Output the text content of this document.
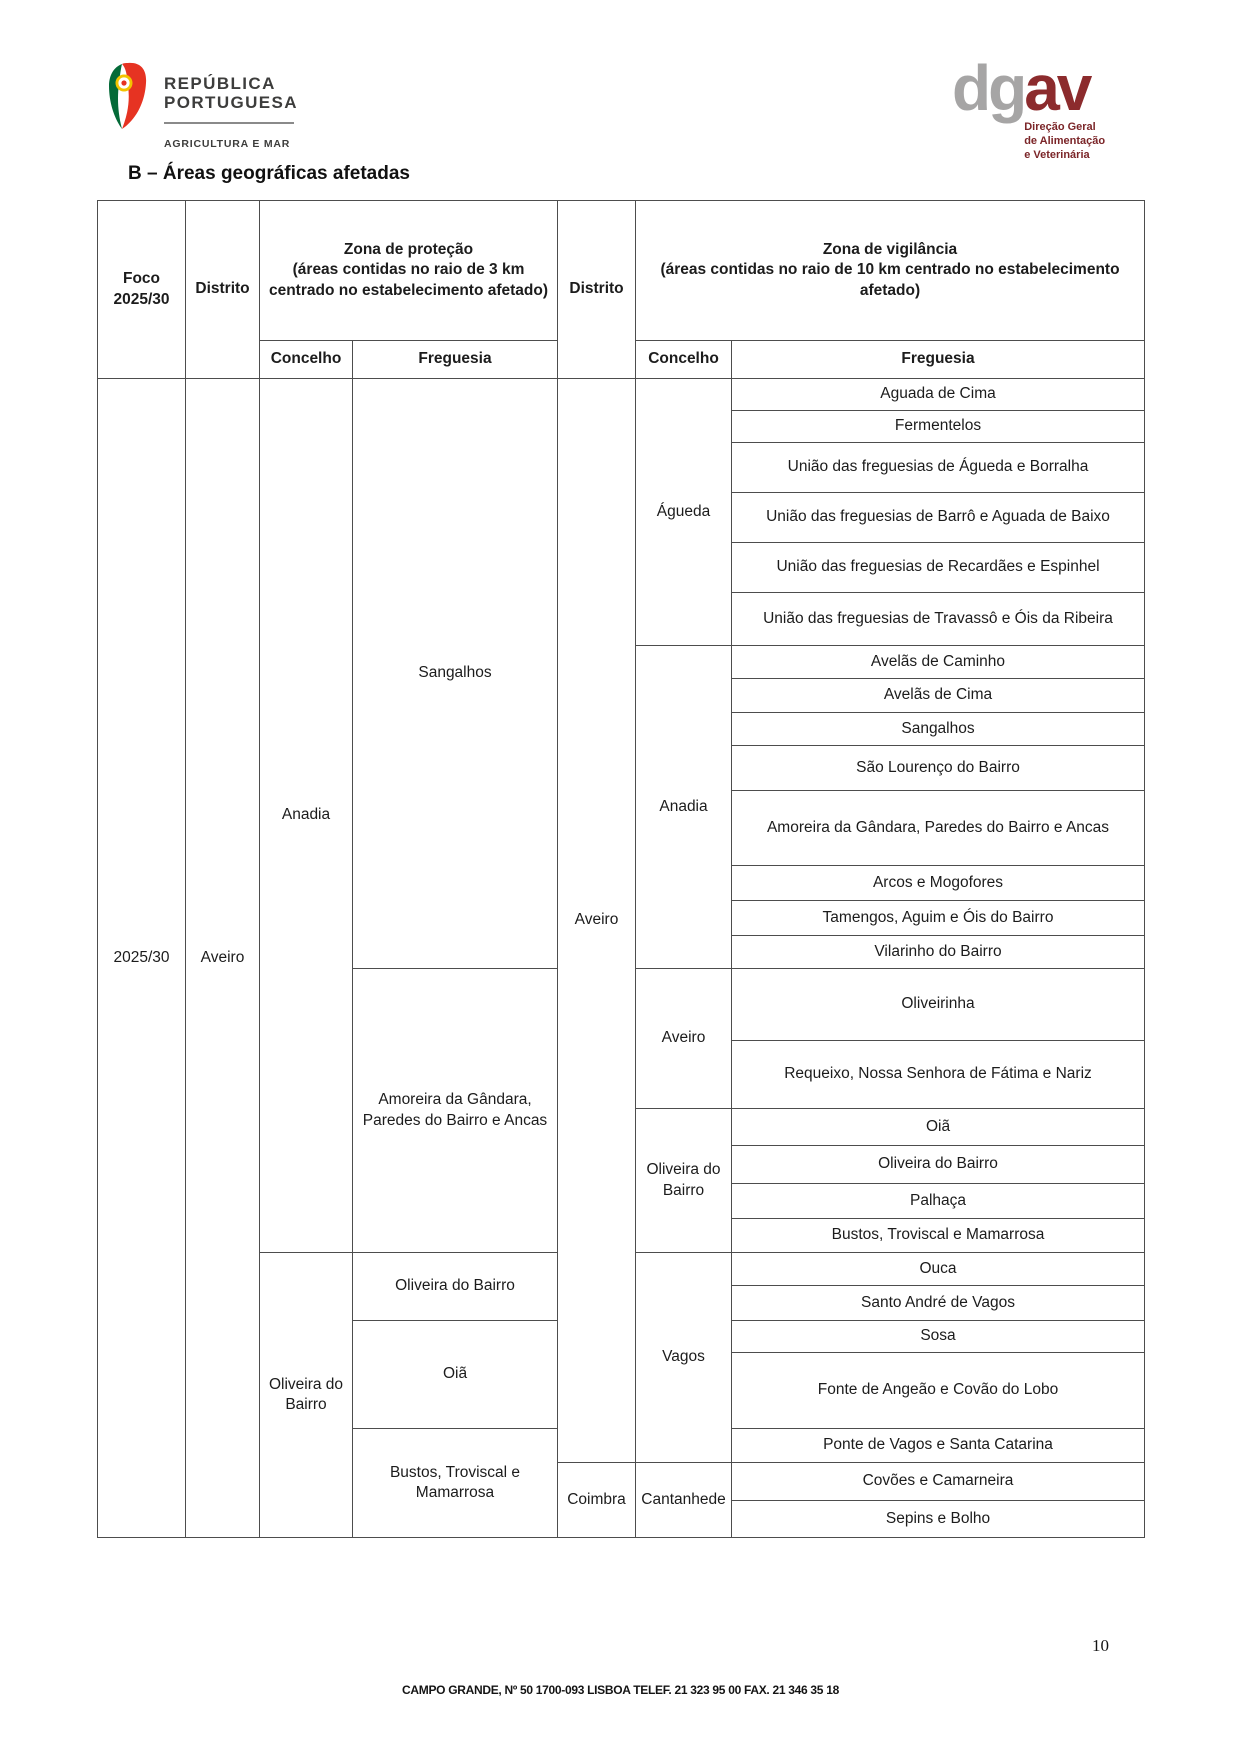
REPÚBLICA
PORTUGUESA
AGRICULTURA E MAR
dg av
Direção Geral
de Alimentação
e Veterinária
B – Áreas geográficas afetadas
Foco 2025/30	Distrito	
Zona de proteção
(áreas contidas no raio de 3 km centrado no estabelecimento afetado)	Distrito	
Zona de vigilância
(áreas contidas no raio de 10 km centrado no estabelecimento afetado)

		Concelho	Freguesia		Concelho	Freguesia
2025/30	Aveiro	Anadia	Sangalhos	Aveiro	Águeda	Aguada de Cima
						Fermentelos
						União das freguesias de Águeda e Borralha
						União das freguesias de Barrô e Aguada de Baixo
						União das freguesias de Recardães e Espinhel
						União das freguesias de Travassô e Óis da Ribeira
					Anadia	Avelãs de Caminho
						Avelãs de Cima
						Sangalhos
						São Lourenço do Bairro
						Amoreira da Gândara, Paredes do Bairro e Ancas
						Arcos e Mogofores
						Tamengos, Aguim e Óis do Bairro
						Vilarinho do Bairro
			Amoreira da Gândara, Paredes do Bairro e Ancas		Aveiro	Oliveirinha
						Requeixo, Nossa Senhora de Fátima e Nariz
					Oliveira do Bairro	Oiã
						Oliveira do Bairro
						Palhaça
						Bustos, Troviscal e Mamarrosa
		Oliveira do Bairro	Oliveira do Bairro		Vagos	Ouca
						Santo André de Vagos
			Oiã			Sosa
						Fonte de Angeão e Covão do Lobo
			Bustos, Troviscal e Mamarrosa			Ponte de Vagos e Santa Catarina
				Coimbra	Cantanhede	Covões e Camarneira
						Sepins e Bolho
CAMPO GRANDE, Nº 50 1700-093 LISBOA TELEF. 21 323 95 00 FAX. 21 346 35 18
10
